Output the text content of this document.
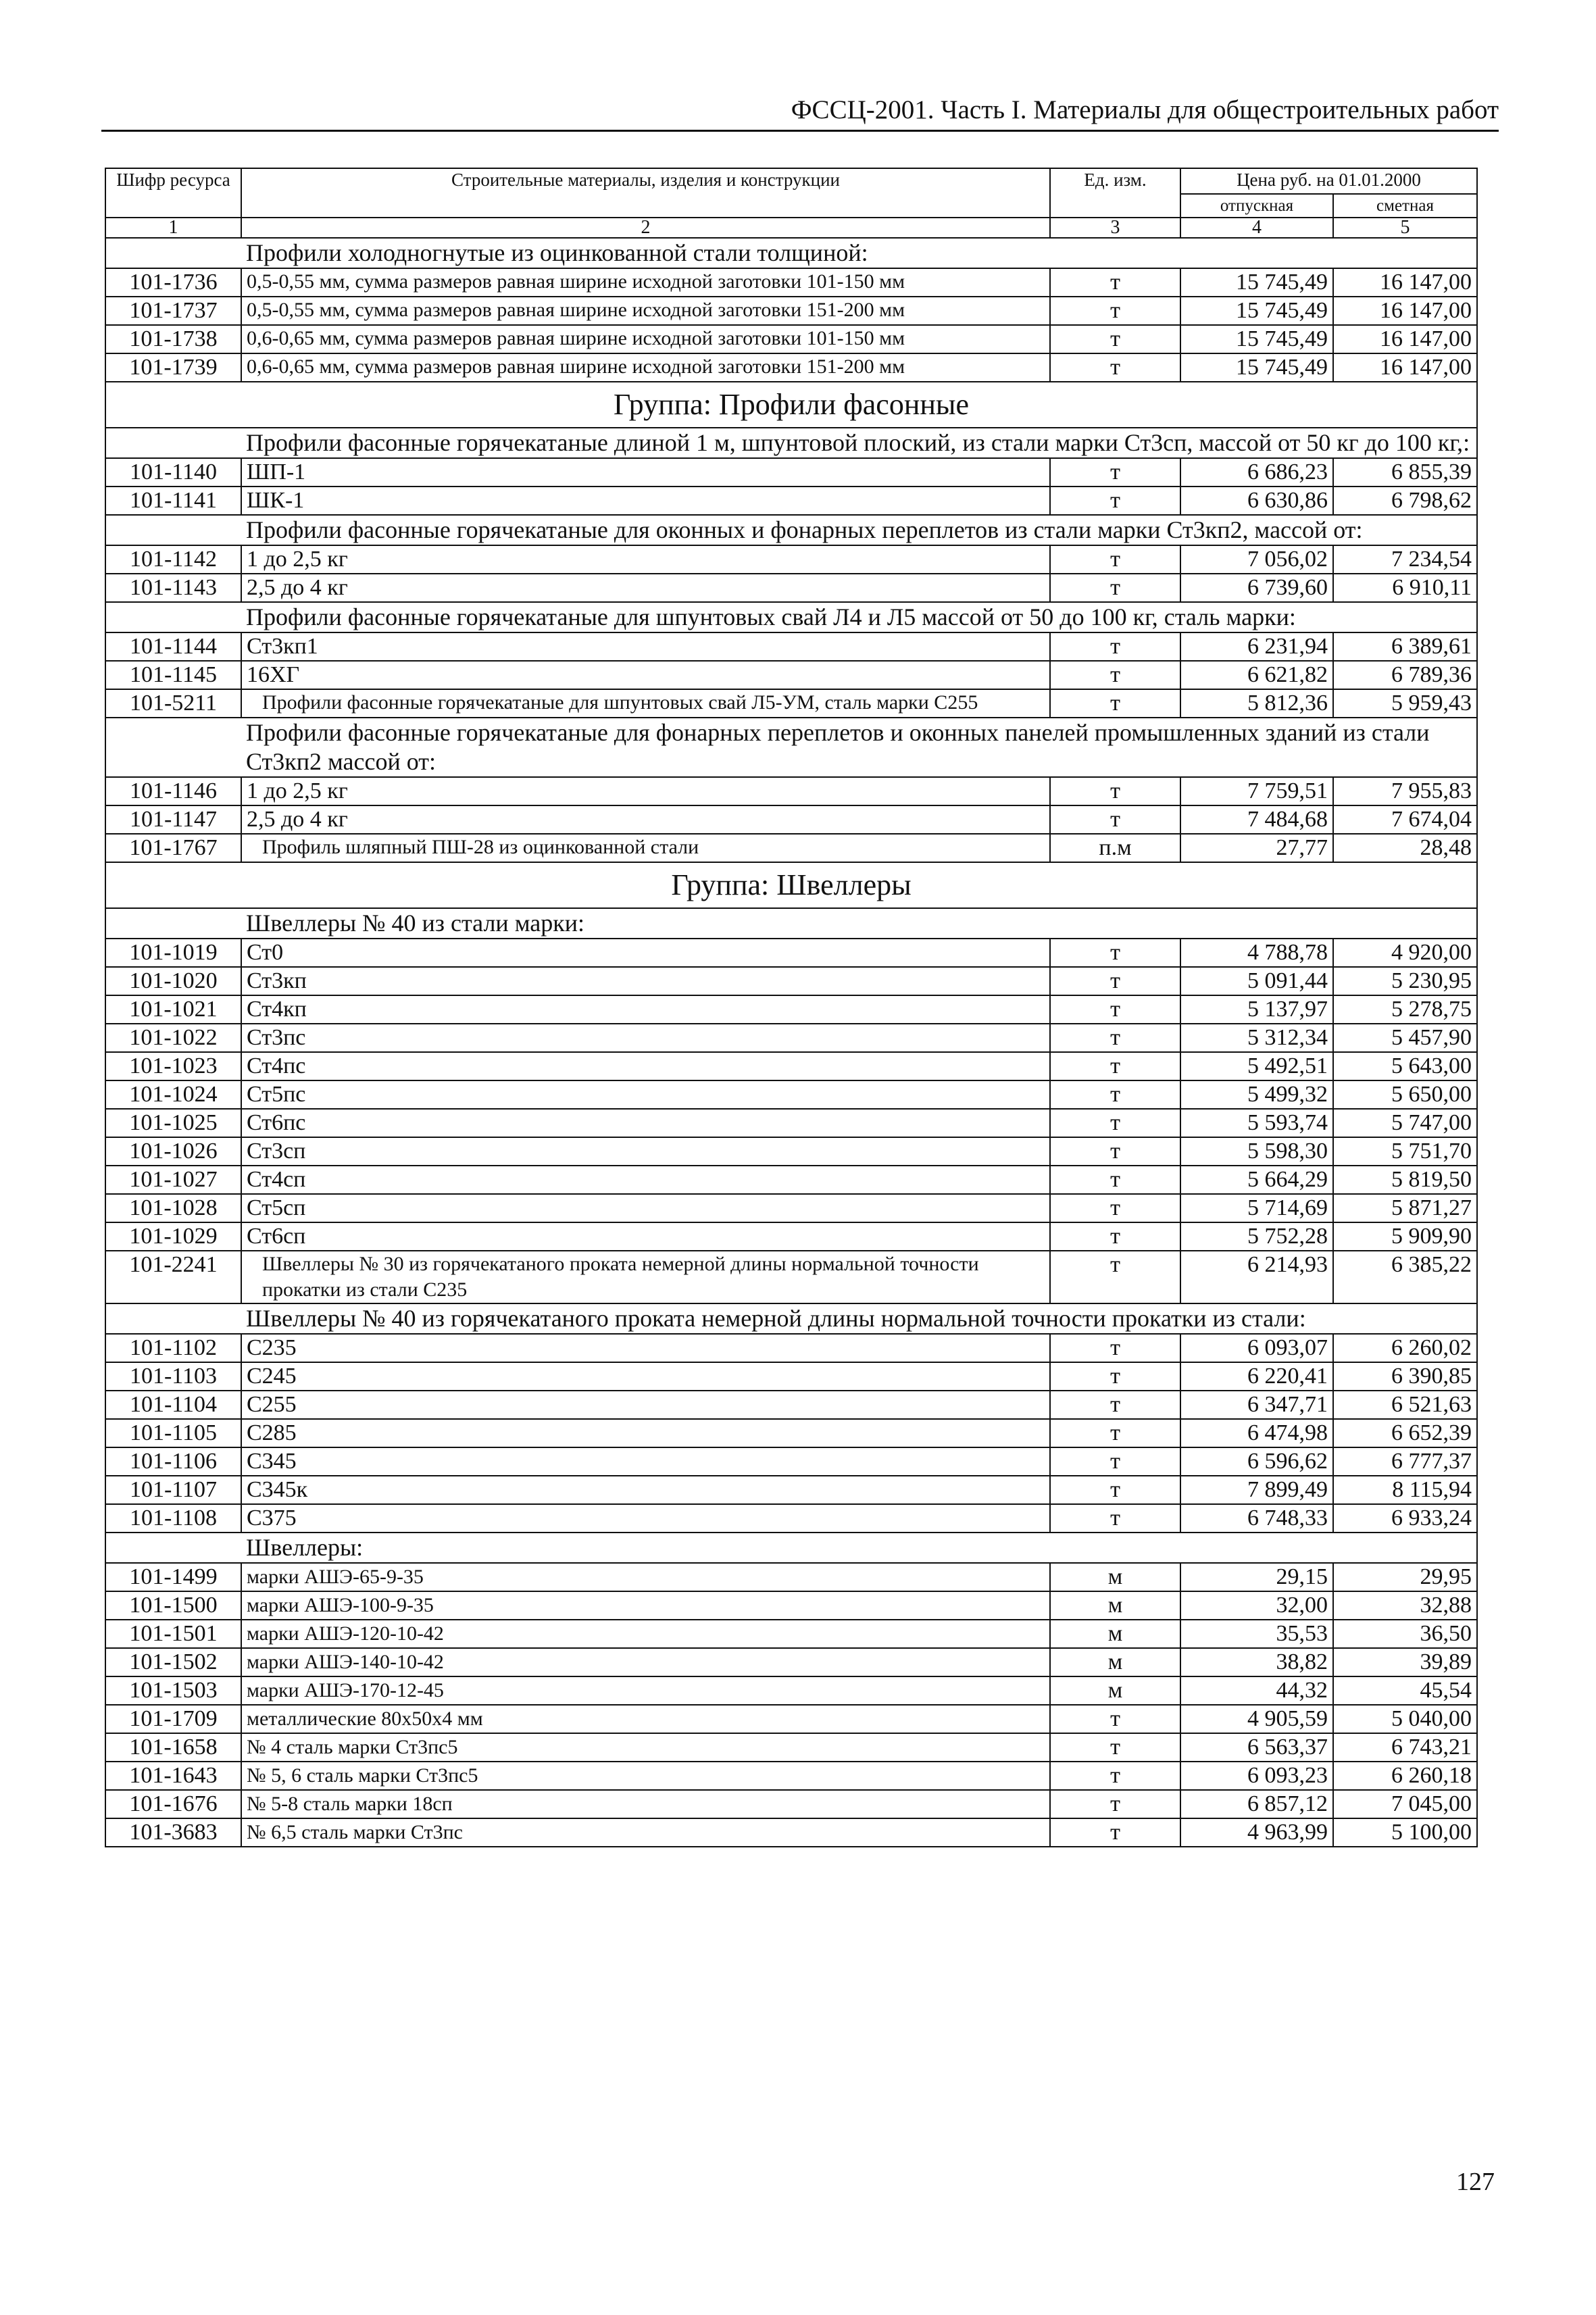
ФССЦ-2001. Часть I. Материалы для общестроительных работ
Шифр ресурса	Строительные материалы, изделия и конструкции	Ед. изм.	Цена руб. на 01.01.2000	
			отпускная	сметная
1	2	3	4	5
	Профили холодногнутые из оцинкованной стали толщиной:			
101-1736	0,5-0,55 мм, сумма размеров равная ширине исходной заготовки 101-150 мм	т	15 745,49	16 147,00
101-1737	0,5-0,55 мм, сумма размеров равная ширине исходной заготовки 151-200 мм	т	15 745,49	16 147,00
101-1738	0,6-0,65 мм, сумма размеров равная ширине исходной заготовки 101-150 мм	т	15 745,49	16 147,00
101-1739	0,6-0,65 мм, сумма размеров равная ширине исходной заготовки 151-200 мм	т	15 745,49	16 147,00
Группа: Профили фасонные				
	Профили фасонные горячекатаные длиной 1 м, шпунтовой плоский, из стали марки Ст3сп, массой от 50 кг до 100 кг,:			
101-1140	ШП-1	т	6 686,23	6 855,39
101-1141	ШК-1	т	6 630,86	6 798,62
	Профили фасонные горячекатаные для оконных и фонарных переплетов из стали марки Ст3кп2, массой от:			
101-1142	1 до 2,5 кг	т	7 056,02	7 234,54
101-1143	2,5 до 4 кг	т	6 739,60	6 910,11
	Профили фасонные горячекатаные для шпунтовых свай Л4 и Л5 массой от 50 до 100 кг, сталь марки:			
101-1144	Ст3кп1	т	6 231,94	6 389,61
101-1145	16ХГ	т	6 621,82	6 789,36
101-5211	Профили фасонные горячекатаные для шпунтовых свай Л5-УМ, сталь марки С255	т	5 812,36	5 959,43
	Профили фасонные горячекатаные для фонарных переплетов и оконных панелей промышленных зданий из стали Ст3кп2 массой от:			
101-1146	1 до 2,5 кг	т	7 759,51	7 955,83
101-1147	2,5 до 4 кг	т	7 484,68	7 674,04
101-1767	Профиль шляпный ПШ-28 из оцинкованной стали	п.м	27,77	28,48
Группа: Швеллеры				
	Швеллеры № 40 из стали марки:			
101-1019	Ст0	т	4 788,78	4 920,00
101-1020	Ст3кп	т	5 091,44	5 230,95
101-1021	Ст4кп	т	5 137,97	5 278,75
101-1022	Ст3пс	т	5 312,34	5 457,90
101-1023	Ст4пс	т	5 492,51	5 643,00
101-1024	Ст5пс	т	5 499,32	5 650,00
101-1025	Ст6пс	т	5 593,74	5 747,00
101-1026	Ст3сп	т	5 598,30	5 751,70
101-1027	Ст4сп	т	5 664,29	5 819,50
101-1028	Ст5сп	т	5 714,69	5 871,27
101-1029	Ст6сп	т	5 752,28	5 909,90
101-2241	Швеллеры № 30 из горячекатаного проката немерной длины нормальной точности прокатки из стали С235	т	6 214,93	6 385,22
	Швеллеры № 40 из горячекатаного проката немерной длины нормальной точности прокатки из стали:			
101-1102	С235	т	6 093,07	6 260,02
101-1103	С245	т	6 220,41	6 390,85
101-1104	С255	т	6 347,71	6 521,63
101-1105	С285	т	6 474,98	6 652,39
101-1106	С345	т	6 596,62	6 777,37
101-1107	С345к	т	7 899,49	8 115,94
101-1108	С375	т	6 748,33	6 933,24
	Швеллеры:			
101-1499	марки АШЭ-65-9-35	м	29,15	29,95
101-1500	марки АШЭ-100-9-35	м	32,00	32,88
101-1501	марки АШЭ-120-10-42	м	35,53	36,50
101-1502	марки АШЭ-140-10-42	м	38,82	39,89
101-1503	марки АШЭ-170-12-45	м	44,32	45,54
101-1709	металлические 80x50x4 мм	т	4 905,59	5 040,00
101-1658	№ 4 сталь марки Ст3пс5	т	6 563,37	6 743,21
101-1643	№ 5, 6 сталь марки Ст3пс5	т	6 093,23	6 260,18
101-1676	№ 5-8 сталь марки 18сп	т	6 857,12	7 045,00
101-3683	№ 6,5 сталь марки Ст3пс	т	4 963,99	5 100,00
127
